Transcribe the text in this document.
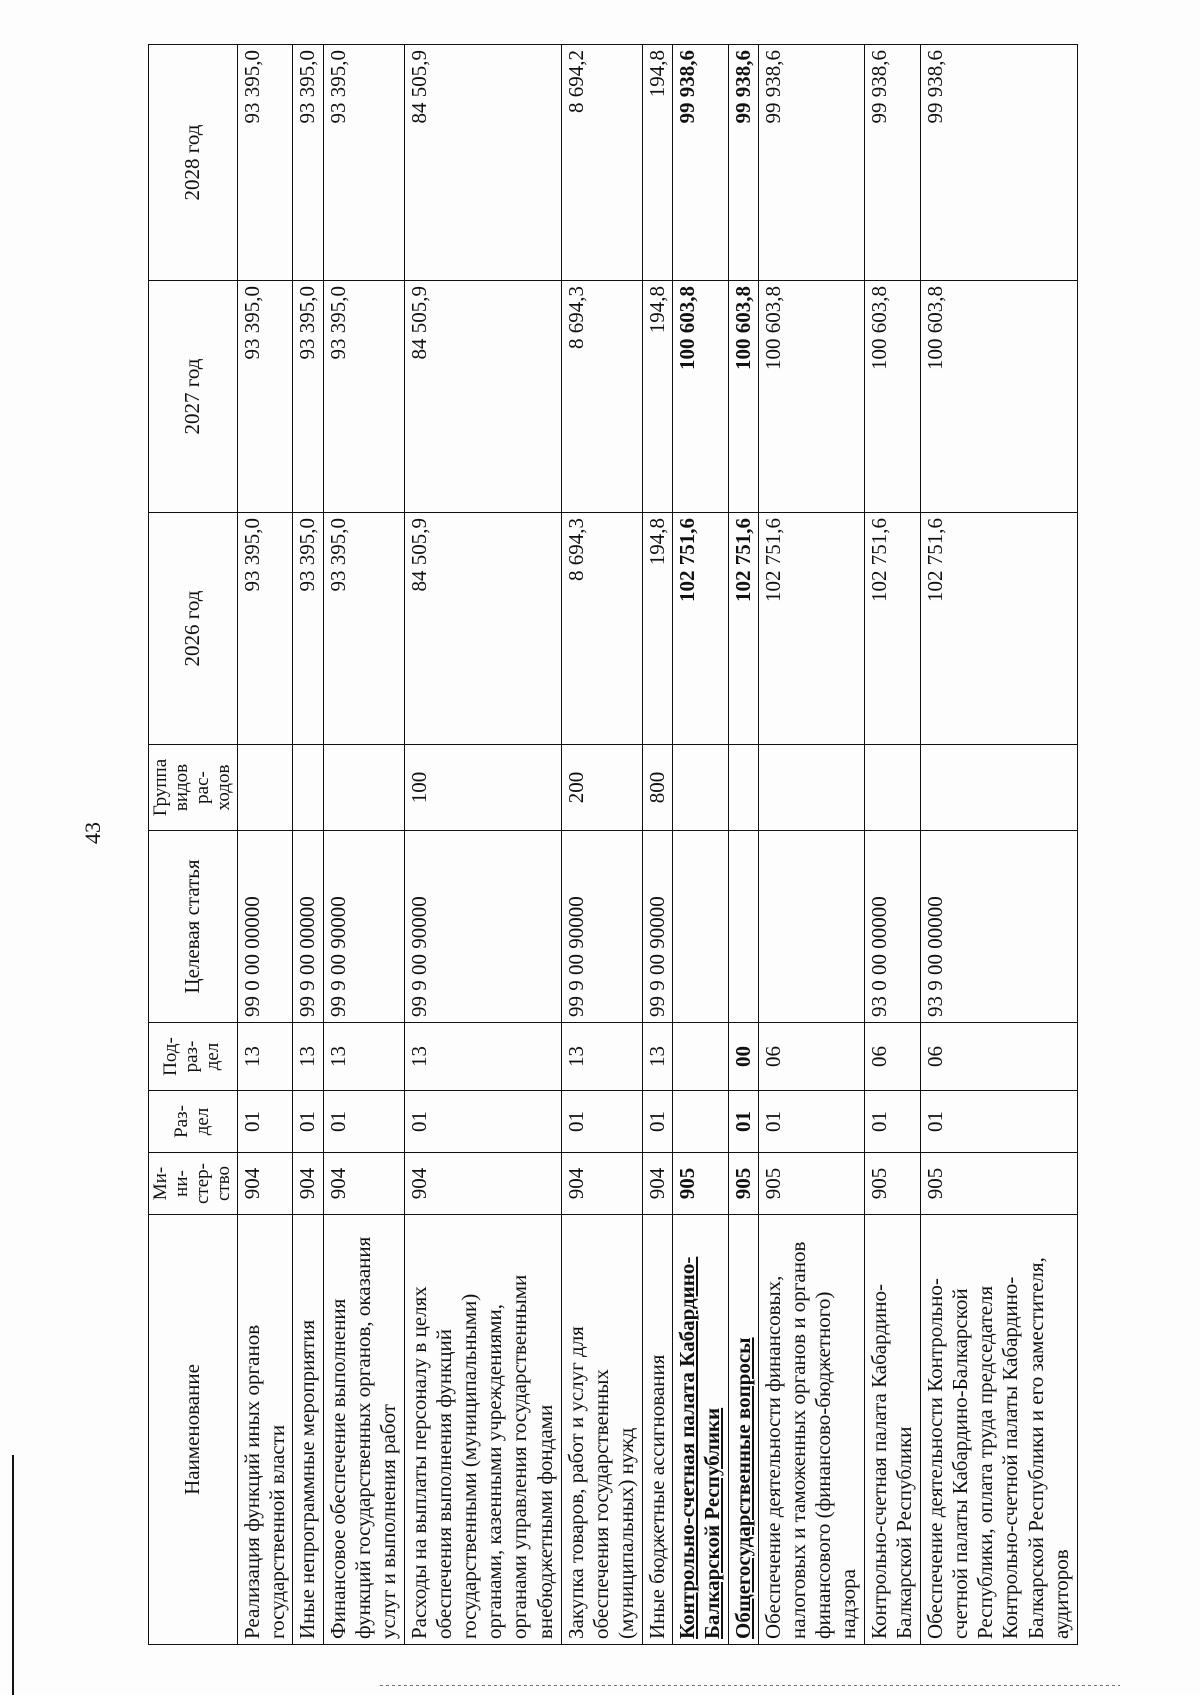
43
Наименование	Ми-ни-стер-ство	Раз-дел	Под-раз-дел	Целевая статья	Группа видов рас-ходов	2026 год	2027 год	2028 год
Реализация функций иных органов государственной власти	904	01	13	99 0 00 00000		93 395,0	93 395,0	93 395,0
Иные непрограммные мероприятия	904	01	13	99 9 00 00000		93 395,0	93 395,0	93 395,0
Финансовое обеспечение выполнения функций государственных органов, оказания услуг и выполнения работ	904	01	13	99 9 00 90000		93 395,0	93 395,0	93 395,0
Расходы на выплаты персоналу в целях обеспечения выполнения функций государственными (муниципальными) органами, казенными учреждениями, органами управления государственными внебюджетными фондами	904	01	13	99 9 00 90000	100	84 505,9	84 505,9	84 505,9
Закупка товаров, работ и услуг для обеспечения государственных (муниципальных) нужд	904	01	13	99 9 00 90000	200	8 694,3	8 694,3	8 694,2
Иные бюджетные ассигнования	904	01	13	99 9 00 90000	800	194,8	194,8	194,8
Контрольно-счетная палата Кабардино-Балкарской Республики	905					102 751,6	100 603,8	99 938,6
Общегосударственные вопросы	905	01	00			102 751,6	100 603,8	99 938,6
Обеспечение деятельности финансовых, налоговых и таможенных органов и органов финансового (финансово-бюджетного) надзора	905	01	06			102 751,6	100 603,8	99 938,6
Контрольно-счетная палата Кабардино-Балкарской Республики	905	01	06	93 0 00 00000		102 751,6	100 603,8	99 938,6
Обеспечение деятельности Контрольно-счетной палаты Кабардино-Балкарской Республики, оплата труда председателя Контрольно-счетной палаты Кабардино-Балкарской Республики и его заместителя, аудиторов	905	01	06	93 9 00 00000		102 751,6	100 603,8	99 938,6
